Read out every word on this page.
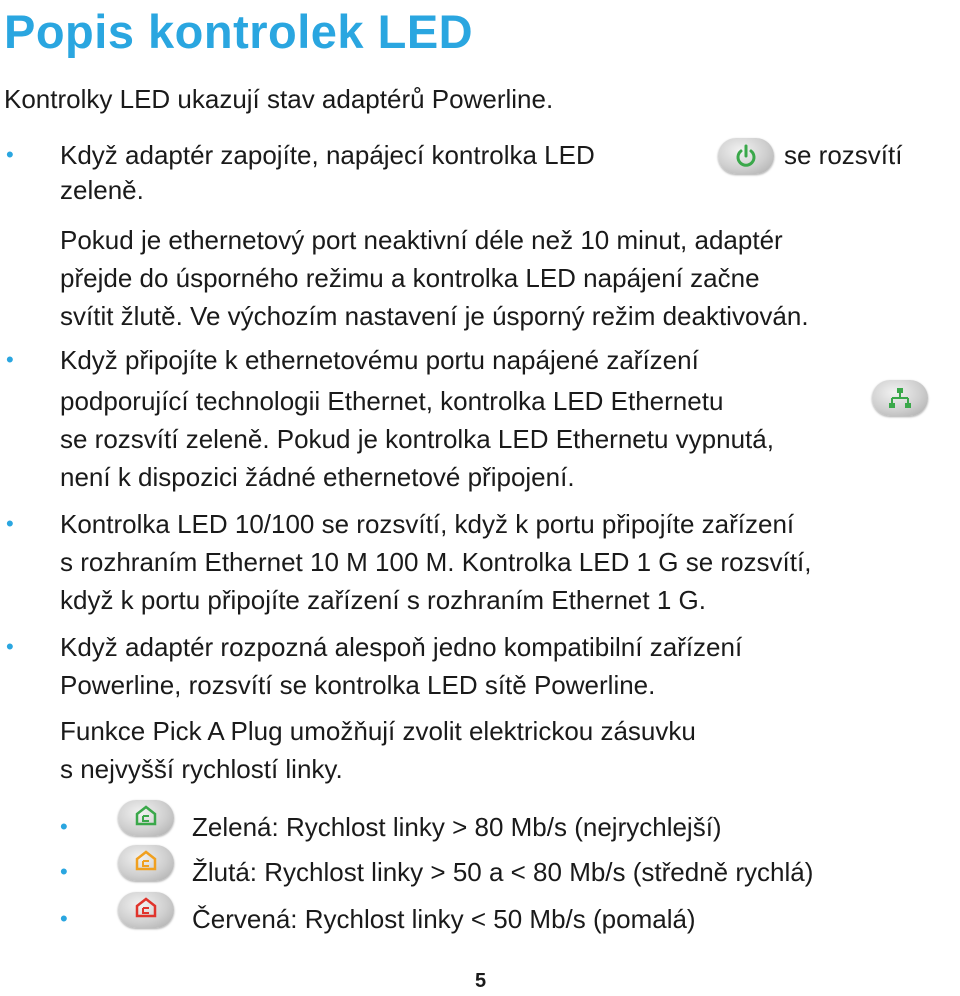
Popis kontrolek LED
Kontrolky LED ukazují stav adaptérů Powerline.
• Když adaptér zapojíte, napájecí kontrolka LED	se rozsvítí
zeleně.
Pokud je ethernetový port neaktivní déle než 10 minut, adaptér
přejde do úsporného režimu a kontrolka LED napájení začne
svítit žlutě. Ve výchozím nastavení je úsporný režim deaktivován.
• Když připojíte k ethernetovému portu napájené zařízení
podporující technologii Ethernet, kontrolka LED Ethernetu
se rozsvítí zeleně. Pokud je kontrolka LED Ethernetu vypnutá,
není k dispozici žádné ethernetové připojení.
• Kontrolka LED 10/100 se rozsvítí, když k portu připojíte zařízení
s rozhraním Ethernet 10 M 100 M. Kontrolka LED 1 G se rozsvítí,
když k portu připojíte zařízení s rozhraním Ethernet 1 G.
• Když adaptér rozpozná alespoň jedno kompatibilní zařízení
Powerline, rozsvítí se kontrolka LED sítě Powerline.
Funkce Pick A Plug umožňují zvolit elektrickou zásuvku
s nejvyšší rychlostí linky.
•	Zelená: Rychlost linky > 80 Mb/s (nejrychlejší)
•	Žlutá: Rychlost linky > 50 a < 80 Mb/s (středně rychlá)
•	Červená: Rychlost linky < 50 Mb/s (pomalá)
5
